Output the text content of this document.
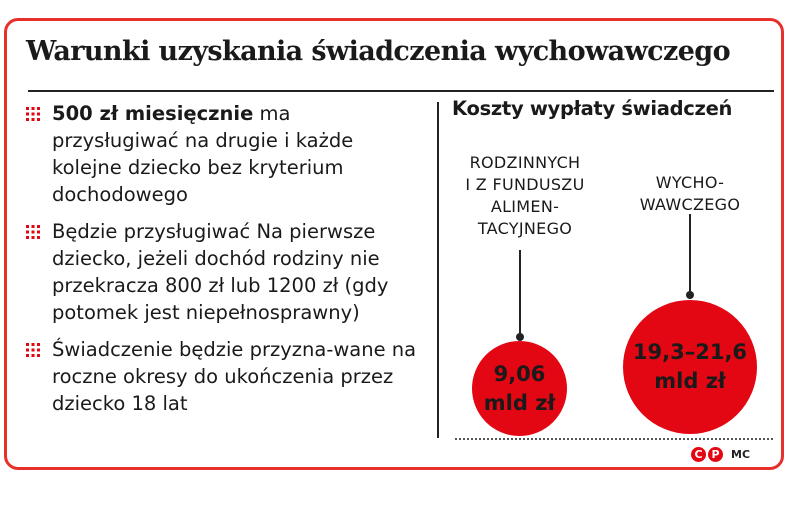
Warunki uzyskania świadczenia wychowawczego
500 zł miesięcznie ma przysługiwać na drugie i każde kolejne dziecko bez kryterium dochodowego
Będzie przysługiwać Na pierwsze dziecko, jeżeli dochód rodziny nie przekracza 800 zł lub 1200 zł (gdy potomek jest niepełnosprawny)
Świadczenie będzie przyzna-wane na roczne okresy do ukończenia przez dziecko 18 lat
Koszty wypłaty świadczeń
RODZINNYCH
I Z FUNDUSZU
ALIMEN-
TACYJNEGO
WYCHO-
WAWCZEGO
9,06
mld zł
19,3–21,6
mld zł
C P	MC
